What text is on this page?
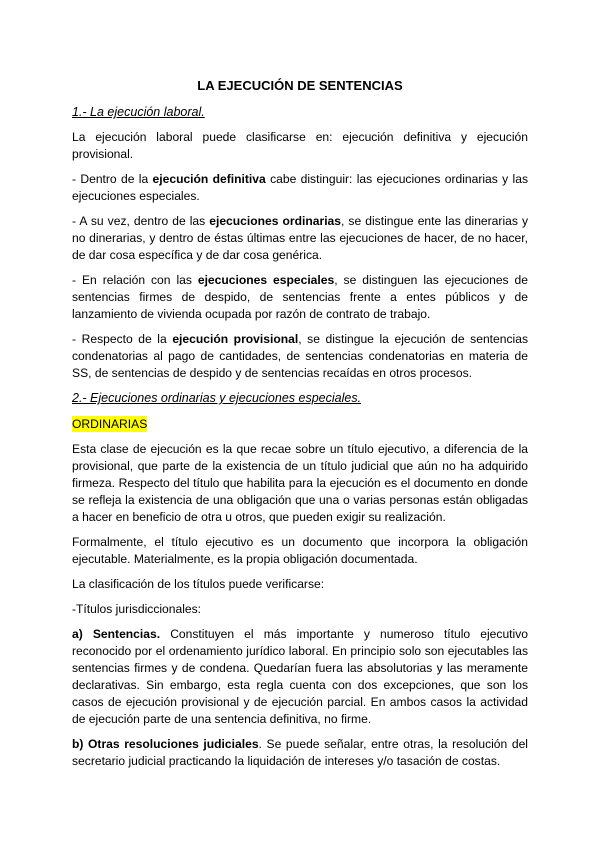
LA EJECUCIÓN DE SENTENCIAS
1.- La ejecución laboral.

La ejecución laboral puede clasificarse en: ejecución definitiva y ejecución provisional.

- Dentro de la ejecución definitiva cabe distinguir: las ejecuciones ordinarias y las ejecuciones especiales.

- A su vez, dentro de las ejecuciones ordinarias, se distingue ente las dinerarias y no dinerarias, y dentro de éstas últimas entre las ejecuciones de hacer, de no hacer, de dar cosa específica y de dar cosa genérica.

- En relación con las ejecuciones especiales, se distinguen las ejecuciones de sentencias firmes de despido, de sentencias frente a entes públicos y de lanzamiento de vivienda ocupada por razón de contrato de trabajo.

- Respecto de la ejecución provisional, se distingue la ejecución de sentencias condenatorias al pago de cantidades, de sentencias condenatorias en materia de SS, de sentencias de despido y de sentencias recaídas en otros procesos.

2.- Ejecuciones ordinarias y ejecuciones especiales.
ORDINARIAS

Esta clase de ejecución es la que recae sobre un título ejecutivo, a diferencia de la provisional, que parte de la existencia de un título judicial que aún no ha adquirido firmeza. Respecto del título que habilita para la ejecución es el documento en donde se refleja la existencia de una obligación que una o varias personas están obligadas a hacer en beneficio de otra u otros, que pueden exigir su realización.

Formalmente, el título ejecutivo es un documento que incorpora la obligación ejecutable. Materialmente, es la propia obligación documentada.

La clasificación de los títulos puede verificarse:

-Títulos jurisdiccionales:

a) Sentencias. Constituyen el más importante y numeroso título ejecutivo reconocido por el ordenamiento jurídico laboral. En principio solo son ejecutables las sentencias firmes y de condena. Quedarían fuera las absolutorias y las meramente declarativas. Sin embargo, esta regla cuenta con dos excepciones, que son los casos de ejecución provisional y de ejecución parcial. En ambos casos la actividad de ejecución parte de una sentencia definitiva, no firme.

b) Otras resoluciones judiciales. Se puede señalar, entre otras, la resolución del secretario judicial practicando la liquidación de intereses y/o tasación de costas.
